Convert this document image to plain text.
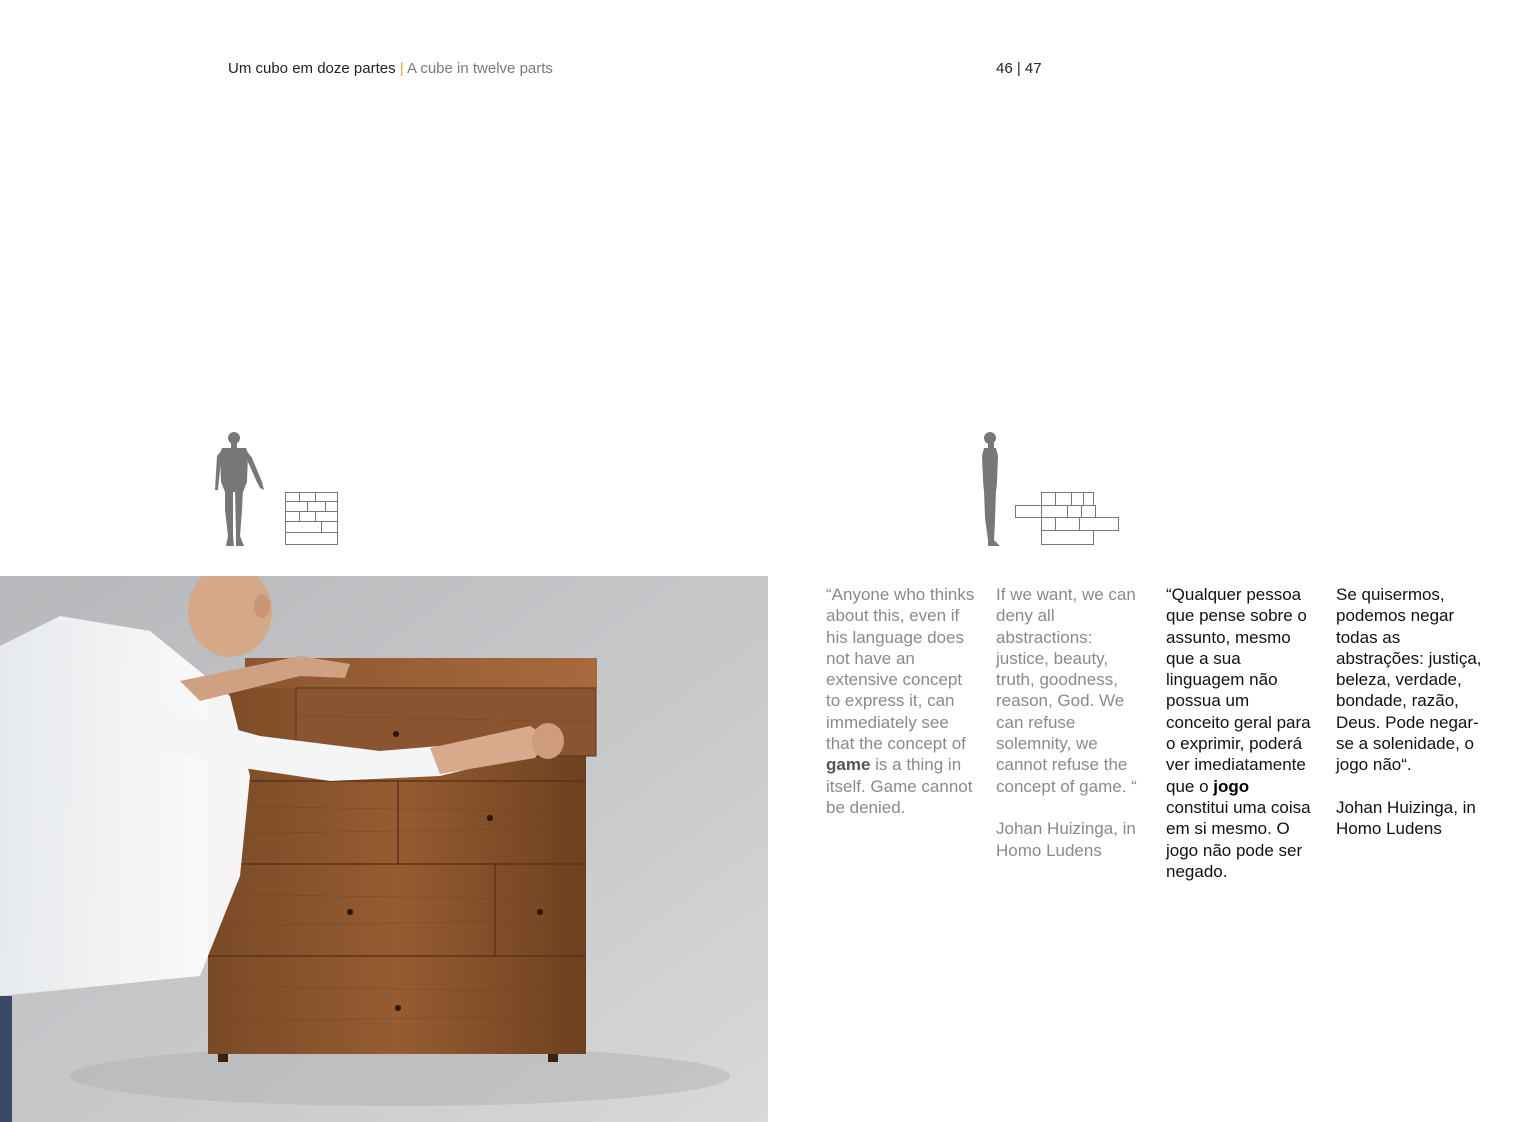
Um cubo em doze partes | A cube in twelve parts	46 | 47

“Anyone who thinks about this, even if his language does not have an extensive concept to express it, can immediately see that the concept of game is a thing in itself. Game cannot be denied.

If we want, we can deny all abstractions: justice, beauty, truth, goodness, reason, God. We can refuse solemnity, we cannot refuse the concept of game. “

Johan Huizinga, in Homo Ludens

“Qualquer pessoa que pense sobre o assunto, mesmo que a sua linguagem não possua um conceito geral para o exprimir, poderá ver imediatamente que o jogo constitui uma coisa em si mesmo. O jogo não pode ser negado.

Se quisermos, podemos negar todas as abstrações: justiça, beleza, verdade, bondade, razão, Deus. Pode negar-se a solenidade, o jogo não“.

Johan Huizinga, in Homo Ludens
